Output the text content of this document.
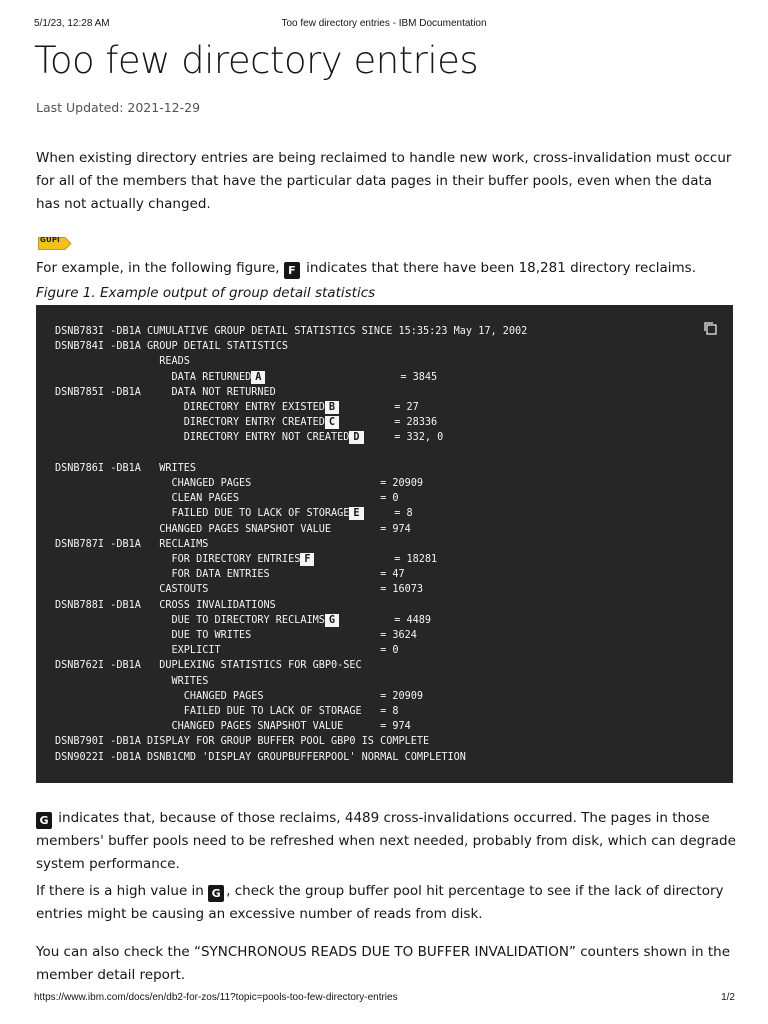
5/1/23, 12:28 AM	Too few directory entries - IBM Documentation
Too few directory entries
Last Updated: 2021-12-29
When existing directory entries are being reclaimed to handle new work, cross-invalidation must occur for all of the members that have the particular data pages in their buffer pools, even when the data has not actually changed.
GUPI
For example, in the following figure, F indicates that there have been 18,281 directory reclaims.
Figure 1. Example output of group detail statistics
DSNB783I -DB1A CUMULATIVE GROUP DETAIL STATISTICS SINCE 15:35:23 May 17, 2002
DSNB784I -DB1A GROUP DETAIL STATISTICS
READS
DATA RETURNED A                      = 3845
DSNB785I -DB1A     DATA NOT RETURNED
DIRECTORY ENTRY EXISTED B         = 27
DIRECTORY ENTRY CREATED C         = 28336
DIRECTORY ENTRY NOT CREATED D     = 332, 0

DSNB786I -DB1A   WRITES
CHANGED PAGES                     = 20909
CLEAN PAGES                       = 0
FAILED DUE TO LACK OF STORAGE E     = 8
CHANGED PAGES SNAPSHOT VALUE        = 974
DSNB787I -DB1A   RECLAIMS
FOR DIRECTORY ENTRIES F             = 18281
FOR DATA ENTRIES                  = 47
CASTOUTS                            = 16073
DSNB788I -DB1A   CROSS INVALIDATIONS
DUE TO DIRECTORY RECLAIMS G         = 4489
DUE TO WRITES                     = 3624
EXPLICIT                          = 0
DSNB762I -DB1A   DUPLEXING STATISTICS FOR GBP0-SEC
WRITES
CHANGED PAGES                   = 20909
FAILED DUE TO LACK OF STORAGE   = 8
CHANGED PAGES SNAPSHOT VALUE      = 974
DSNB790I -DB1A DISPLAY FOR GROUP BUFFER POOL GBP0 IS COMPLETE
DSN9022I -DB1A DSNB1CMD 'DISPLAY GROUPBUFFERPOOL' NORMAL COMPLETION
G indicates that, because of those reclaims, 4489 cross-invalidations occurred. The pages in those members' buffer pools need to be refreshed when next needed, probably from disk, which can degrade system performance.
If there is a high value in G , check the group buffer pool hit percentage to see if the lack of directory entries might be causing an excessive number of reads from disk.
You can also check the “SYNCHRONOUS READS DUE TO BUFFER INVALIDATION” counters shown in the member detail report.
https://www.ibm.com/docs/en/db2-for-zos/11?topic=pools-too-few-directory-entries	1/2
